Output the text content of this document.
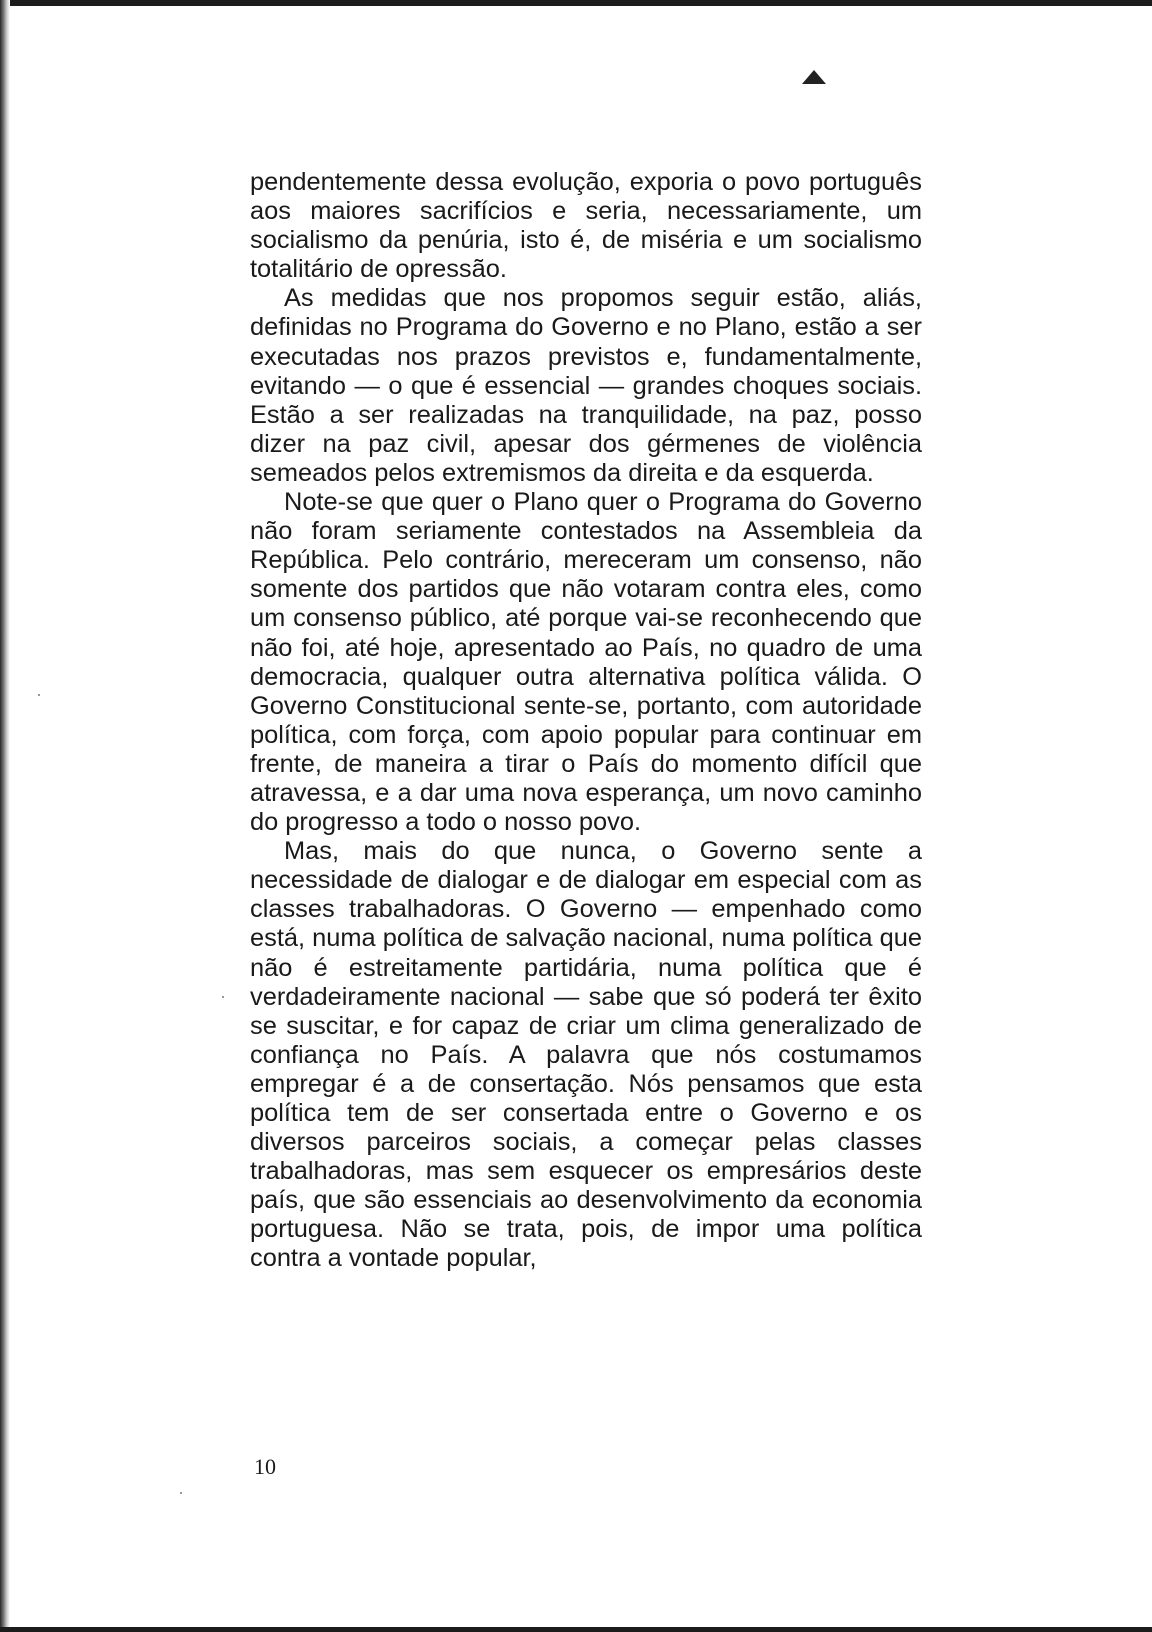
pendentemente dessa evolução, exporia o povo português aos maiores sacrifícios e seria, necessariamente, um socialismo da penúria, isto é, de miséria e um socialismo totalitário de opressão.

As medidas que nos propomos seguir estão, aliás, definidas no Programa do Governo e no Plano, estão a ser executadas nos prazos previstos e, fundamentalmente, evitando — o que é essencial — grandes choques sociais. Estão a ser realizadas na tranquilidade, na paz, posso dizer na paz civil, apesar dos gérmenes de violência semeados pelos extremismos da direita e da esquerda.

Note-se que quer o Plano quer o Programa do Governo não foram seriamente contestados na Assembleia da República. Pelo contrário, mereceram um consenso, não somente dos partidos que não votaram contra eles, como um consenso público, até porque vai-se reconhecendo que não foi, até hoje, apresentado ao País, no quadro de uma democracia, qualquer outra alternativa política válida. O Governo Constitucional sente-se, portanto, com autoridade política, com força, com apoio popular para continuar em frente, de maneira a tirar o País do momento difícil que atravessa, e a dar uma nova esperança, um novo caminho do progresso a todo o nosso povo.

Mas, mais do que nunca, o Governo sente a necessidade de dialogar e de dialogar em especial com as classes trabalhadoras. O Governo — empenhado como está, numa política de salvação nacional, numa política que não é estreitamente partidária, numa política que é verdadeiramente nacional — sabe que só poderá ter êxito se suscitar, e for capaz de criar um clima generalizado de confiança no País. A palavra que nós costumamos empregar é a de consertação. Nós pensamos que esta política tem de ser consertada entre o Governo e os diversos parceiros sociais, a começar pelas classes trabalhadoras, mas sem esquecer os empresários deste país, que são essenciais ao desenvolvimento da economia portuguesa. Não se trata, pois, de impor uma política contra a vontade popular,

10
